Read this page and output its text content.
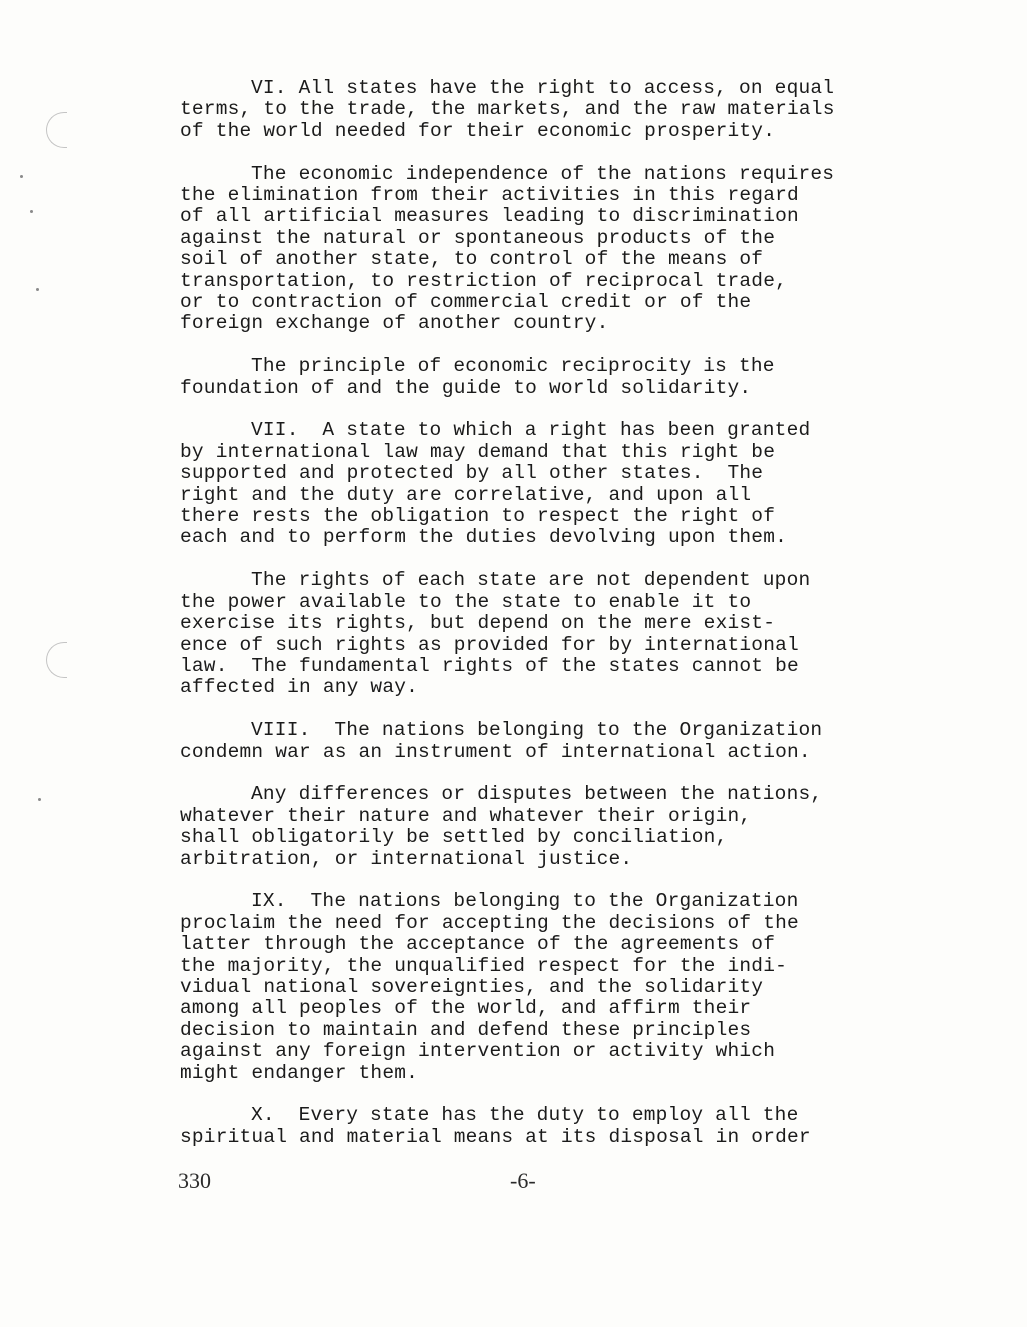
VI. All states have the right to access, on equal
terms, to the trade, the markets, and the raw materials
of the world needed for their economic prosperity.
The economic independence of the nations requires
the elimination from their activities in this regard
of all artificial measures leading to discrimination
against the natural or spontaneous products of the
soil of another state, to control of the means of
transportation, to restriction of reciprocal trade,
or to contraction of commercial credit or of the
foreign exchange of another country.
The principle of economic reciprocity is the
foundation of and the guide to world solidarity.
VII.  A state to which a right has been granted
by international law may demand that this right be
supported and protected by all other states.  The
right and the duty are correlative, and upon all
there rests the obligation to respect the right of
each and to perform the duties devolving upon them.
The rights of each state are not dependent upon
the power available to the state to enable it to
exercise its rights, but depend on the mere exist-
ence of such rights as provided for by international
law.  The fundamental rights of the states cannot be
affected in any way.
VIII.  The nations belonging to the Organization
condemn war as an instrument of international action.
Any differences or disputes between the nations,
whatever their nature and whatever their origin,
shall obligatorily be settled by conciliation,
arbitration, or international justice.
IX.  The nations belonging to the Organization
proclaim the need for accepting the decisions of the
latter through the acceptance of the agreements of
the majority, the unqualified respect for the indi-
vidual national sovereignties, and the solidarity
among all peoples of the world, and affirm their
decision to maintain and defend these principles
against any foreign intervention or activity which
might endanger them.
X.  Every state has the duty to employ all the
spiritual and material means at its disposal in order
330	-6-
